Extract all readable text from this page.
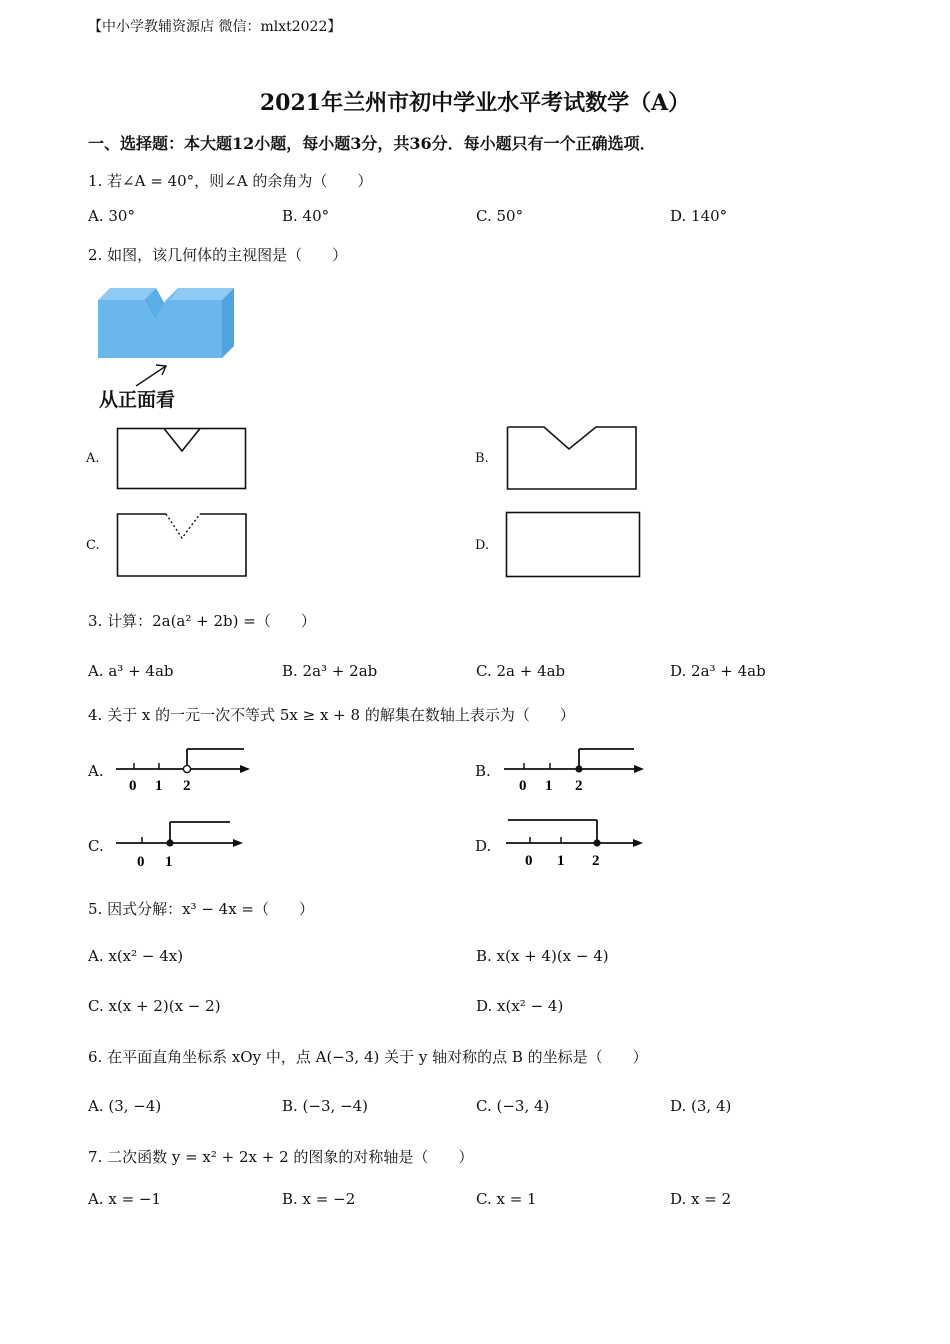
【中小学教辅资源店 微信：mlxt2022】
2021年兰州市初中学业水平考试数学（A）
一、选择题：本大题12小题，每小题3分，共36分．每小题只有一个正确选项．
1. 若∠A = 40°，则∠A 的余角为（　　）
A. 30°	B. 40°	C. 50°	D. 140°
2. 如图，该几何体的主视图是（　　）
从正面看
A.	B.
C.	D.
3. 计算：2a(a² + 2b) =（　　）
A. a³ + 4ab	B. 2a³ + 2ab	C. 2a + 4ab	D. 2a³ + 4ab
4. 关于 x 的一元一次不等式 5x ≥ x + 8 的解集在数轴上表示为（　　）
A.
0 1 2
B.
0 1 2
C.
0 1
D.
0 1 2
5. 因式分解：x³ − 4x =（　　）
A. x(x² − 4x)	B. x(x + 4)(x − 4)
C. x(x + 2)(x − 2)	D. x(x² − 4)
6. 在平面直角坐标系 xOy 中，点 A(−3, 4) 关于 y 轴对称的点 B 的坐标是（　　）
A. (3, −4)	B. (−3, −4)	C. (−3, 4)	D. (3, 4)
7. 二次函数 y = x² + 2x + 2 的图象的对称轴是（　　）
A. x = −1	B. x = −2	C. x = 1	D. x = 2
